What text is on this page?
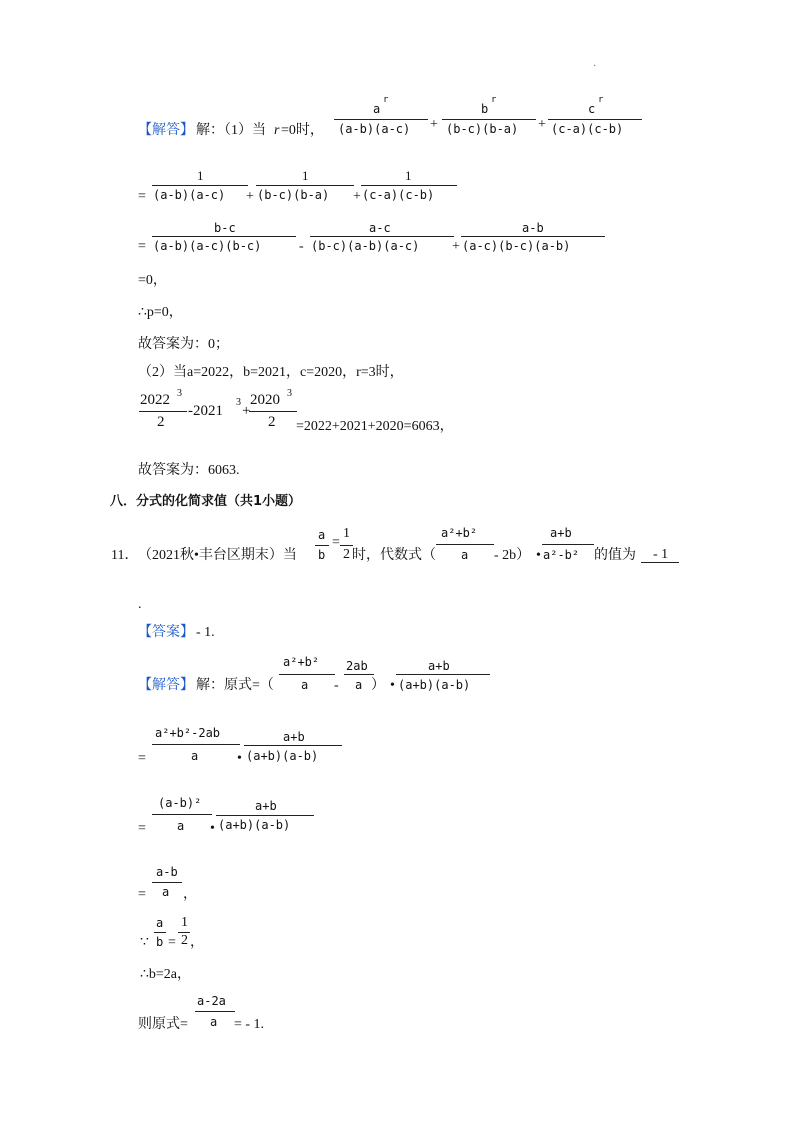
·
【解答】 解：（1）当 r =0时，
a
r
(a-b)(a-c) +
b
r
(b-c)(b-a) +
c
r
(c-a)(c-b)
=
1
(a-b)(a-c) +
1
(b-c)(b-a) +
1
(c-a)(c-b)
=
b-c
(a-b)(a-c)(b-c)	-
a-c
(b-c)(a-b)(a-c) +
a-b
(a-c)(b-c)(a-b)
=0，
∴p=0，
故答案为：0；
（2）当a=2022，b=2021，c=2020，r=3时，
2022 3
2
-2021
3
+
2020 3
2 =2022+2021+2020=6063，
故答案为：6063.
八．分式的化简求值（共1小题）
11． （2021秋•丰台区期末）当
a
b
=
1
2 时，代数式（
a²+b²
a - 2b） •
a+b
a²-b² 的值为 - 1
.
【答案】 - 1.
【解答】 解：原式=（
a²+b²
a -
2ab
a ） •
a+b
(a+b)(a-b)
=
a²+b²-2ab
a	•
a+b
(a+b)(a-b)
=
(a-b)²
a •
a+b
(a+b)(a-b)
=
a-b
a ，
∵
a
b =
1
2 ，
∴b=2a，
则原式=
a-2a
a = - 1.
